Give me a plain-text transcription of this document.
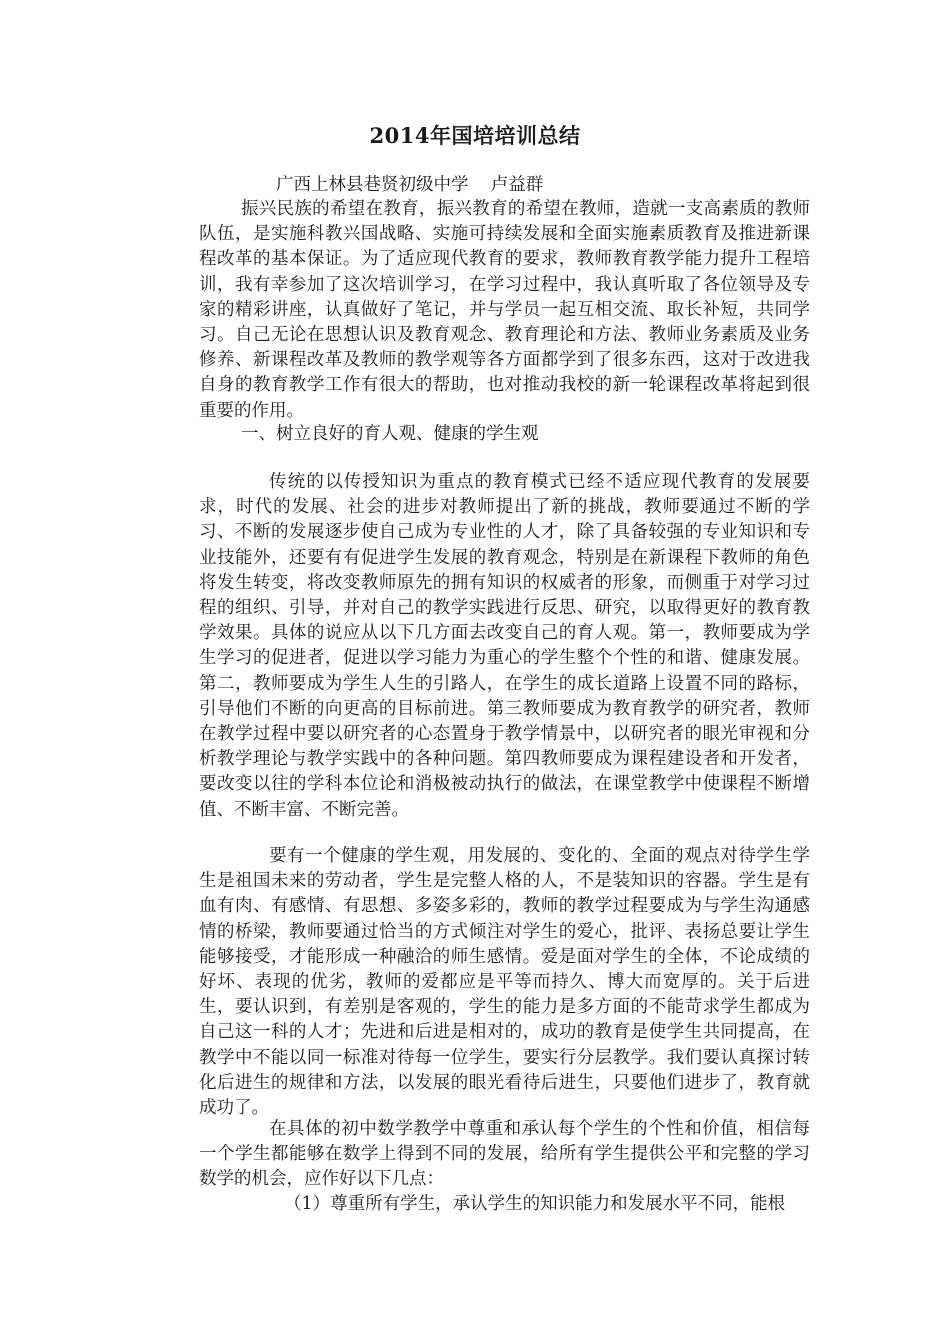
2014年国培培训总结
广西上林县巷贤初级中学    卢益群

振兴民族的希望在教育，振兴教育的希望在教师，造就一支高素质的教师队伍，是实施科教兴国战略、实施可持续发展和全面实施素质教育及推进新课程改革的基本保证。为了适应现代教育的要求，教师教育教学能力提升工程培训，我有幸参加了这次培训学习，在学习过程中，我认真听取了各位领导及专家的精彩讲座，认真做好了笔记，并与学员一起互相交流、取长补短，共同学习。自己无论在思想认识及教育观念、教育理论和方法、教师业务素质及业务修养、新课程改革及教师的教学观等各方面都学到了很多东西，这对于改进我自身的教育教学工作有很大的帮助，也对推动我校的新一轮课程改革将起到很重要的作用。

一、树立良好的育人观、健康的学生观

传统的以传授知识为重点的教育模式已经不适应现代教育的发展要求，时代的发展、社会的进步对教师提出了新的挑战，教师要通过不断的学习、不断的发展逐步使自己成为专业性的人才，除了具备较强的专业知识和专业技能外，还要有有促进学生发展的教育观念，特别是在新课程下教师的角色将发生转变，将改变教师原先的拥有知识的权威者的形象，而侧重于对学习过程的组织、引导，并对自己的教学实践进行反思、研究，以取得更好的教育教学效果。具体的说应从以下几方面去改变自己的育人观。第一，教师要成为学生学习的促进者，促进以学习能力为重心的学生整个个性的和谐、健康发展。第二，教师要成为学生人生的引路人，在学生的成长道路上设置不同的路标，引导他们不断的向更高的目标前进。第三教师要成为教育教学的研究者，教师在教学过程中要以研究者的心态置身于教学情景中，以研究者的眼光审视和分析教学理论与教学实践中的各种问题。第四教师要成为课程建设者和开发者，要改变以往的学科本位论和消极被动执行的做法，在课堂教学中使课程不断增值、不断丰富、不断完善。

要有一个健康的学生观，用发展的、变化的、全面的观点对待学生学生是祖国未来的劳动者，学生是完整人格的人，不是装知识的容器。学生是有血有肉、有感情、有思想、多姿多彩的，教师的教学过程要成为与学生沟通感情的桥梁，教师要通过恰当的方式倾注对学生的爱心，批评、表扬总要让学生能够接受，才能形成一种融洽的师生感情。爱是面对学生的全体，不论成绩的好坏、表现的优劣，教师的爱都应是平等而持久、博大而宽厚的。关于后进生，要认识到，有差别是客观的，学生的能力是多方面的不能苛求学生都成为自己这一科的人才；先进和后进是相对的，成功的教育是使学生共同提高，在教学中不能以同一标准对待每一位学生，要实行分层教学。我们要认真探讨转化后进生的规律和方法，以发展的眼光看待后进生，只要他们进步了，教育就成功了。

在具体的初中数学教学中尊重和承认每个学生的个性和价值，相信每一个学生都能够在数学上得到不同的发展，给所有学生提供公平和完整的学习数学的机会，应作好以下几点：

（1）尊重所有学生，承认学生的知识能力和发展水平不同，能根
